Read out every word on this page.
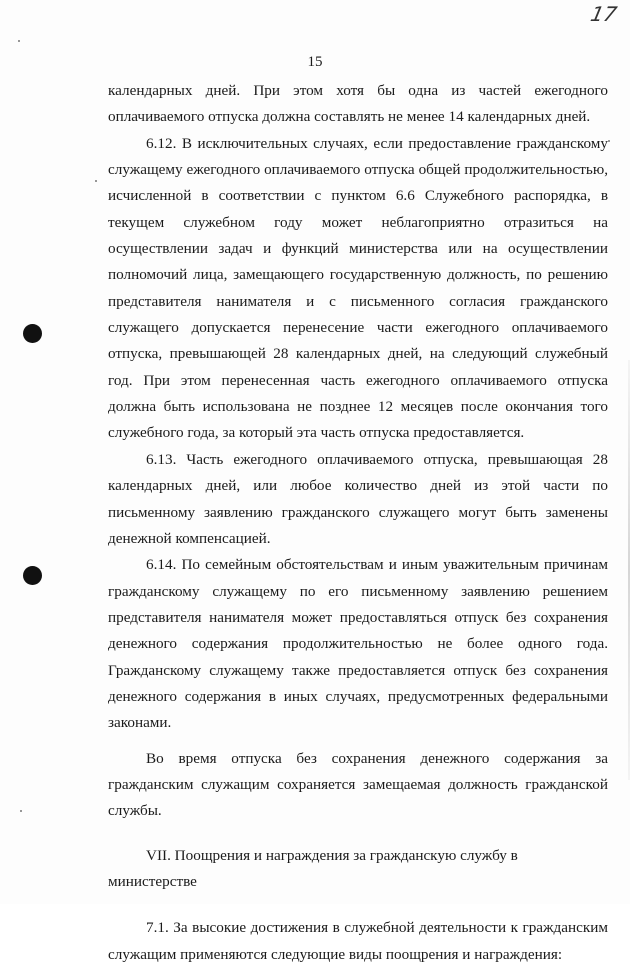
17
15

календарных дней. При этом хотя бы одна из частей ежегодного оплачиваемого отпуска должна составлять не менее 14 календарных дней.

6.12. В исключительных случаях, если предоставление гражданскому служащему ежегодного оплачиваемого отпуска общей продолжительностью, исчисленной в соответствии с пунктом 6.6 Служебного распорядка, в текущем служебном году может неблагоприятно отразиться на осуществлении задач и функций министерства или на осуществлении полномочий лица, замещающего государственную должность, по решению представителя нанимателя и с письменного согласия гражданского служащего допускается перенесение части ежегодного оплачиваемого отпуска, превышающей 28 календарных дней, на следующий служебный год. При этом перенесенная часть ежегодного оплачиваемого отпуска должна быть использована не позднее 12 месяцев после окончания того служебного года, за который эта часть отпуска предоставляется.

6.13. Часть ежегодного оплачиваемого отпуска, превышающая 28 календарных дней, или любое количество дней из этой части по письменному заявлению гражданского служащего могут быть заменены денежной компенсацией.

6.14. По семейным обстоятельствам и иным уважительным причинам гражданскому служащему по его письменному заявлению решением представителя нанимателя может предоставляться отпуск без сохранения денежного содержания продолжительностью не более одного года. Гражданскому служащему также предоставляется отпуск без сохранения денежного содержания в иных случаях, предусмотренных федеральными законами.

Во время отпуска без сохранения денежного содержания за гражданским служащим сохраняется замещаемая должность гражданской службы.

VII. Поощрения и награждения за гражданскую службу в министерстве

7.1. За высокие достижения в служебной деятельности к гражданским служащим применяются следующие виды поощрения и награждения:
